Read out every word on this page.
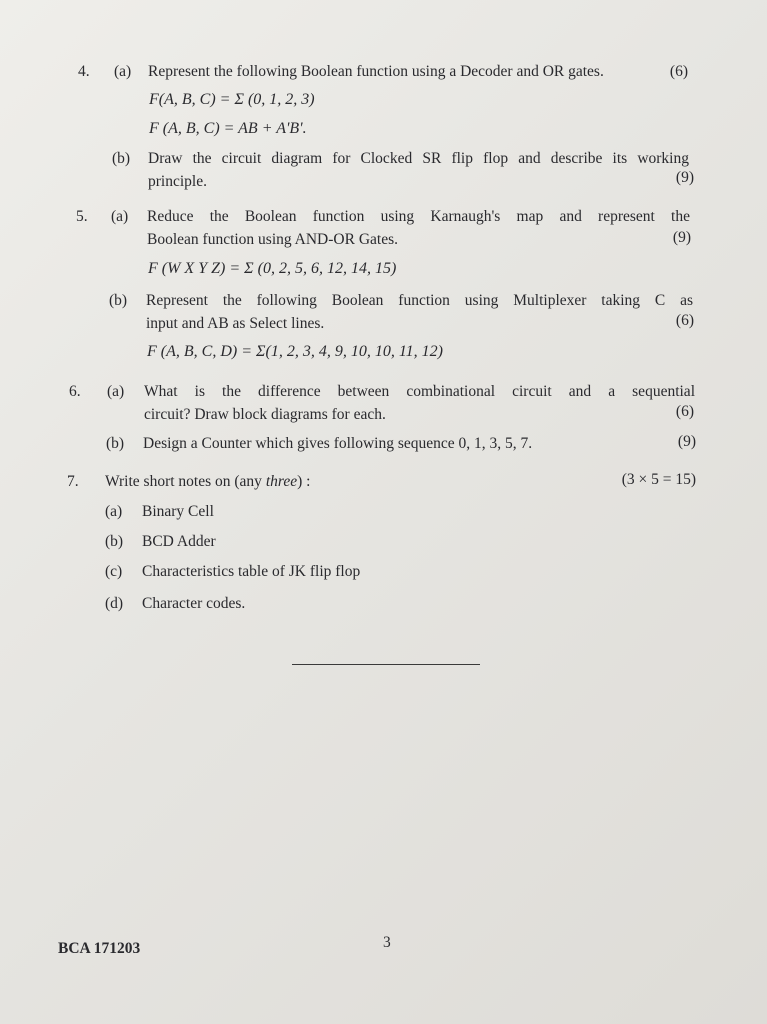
4. (a) Represent the following Boolean function using a Decoder and OR gates.	(6)
F(A, B, C) = Σ (0, 1, 2, 3)
F (A, B, C) = AB + A'B'.
(b) Draw the circuit diagram for Clocked SR flip flop and describe its working
principle.	(9)
5. (a) Reduce the Boolean function using Karnaugh's map and represent the
Boolean function using AND-OR Gates.	(9)
F (W X Y Z) = Σ (0, 2, 5, 6, 12, 14, 15)
(b) Represent the following Boolean function using Multiplexer taking C as
input and AB as Select lines.	(6)
F (A, B, C, D) = Σ(1, 2, 3, 4, 9, 10, 10, 11, 12)
6. (a) What is the difference between combinational circuit and a sequential
circuit? Draw block diagrams for each.	(6)
(b) Design a Counter which gives following sequence 0, 1, 3, 5, 7.	(9)
7. Write short notes on (any three) :	(3 × 5 = 15)
(a) Binary Cell
(b) BCD Adder
(c) Characteristics table of JK flip flop
(d) Character codes.
BCA 171203	3
